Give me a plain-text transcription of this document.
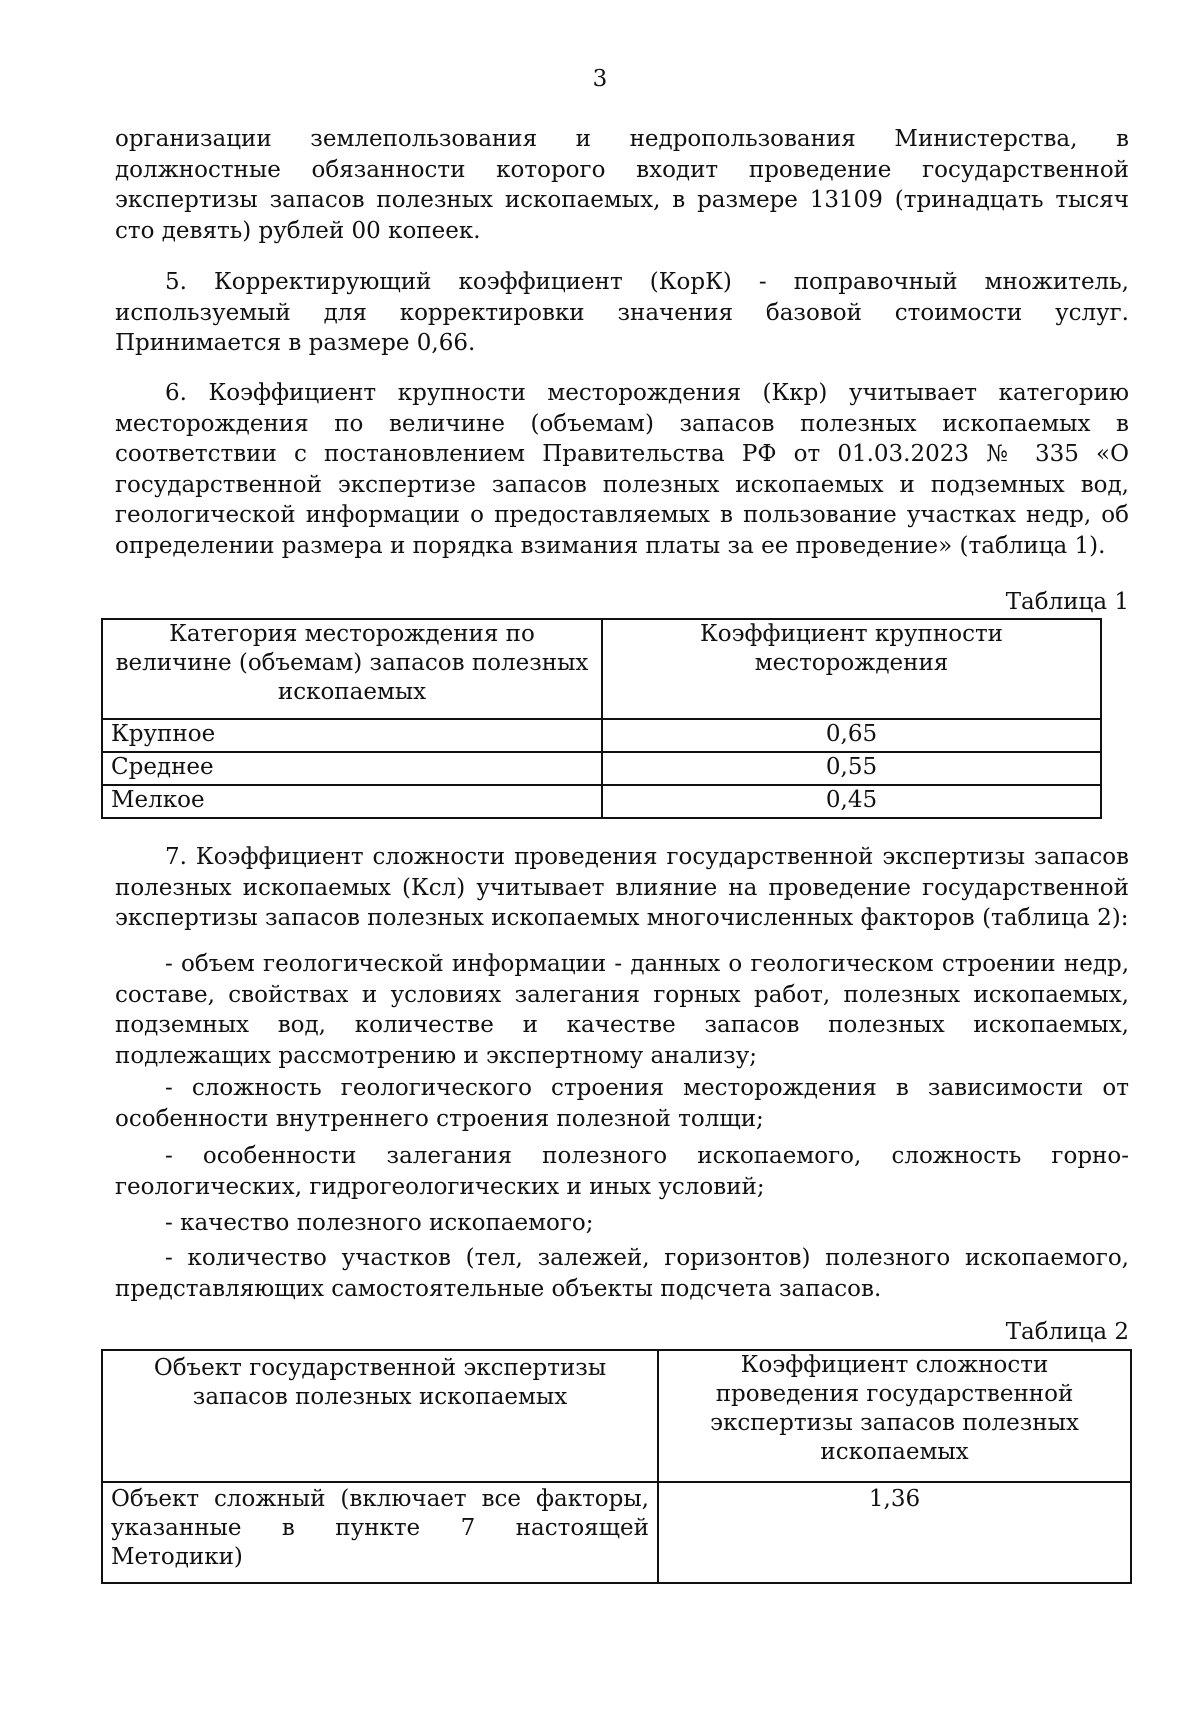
3

организации землепользования и недропользования Министерства, в должностные обязанности которого входит проведение государственной экспертизы запасов полезных ископаемых, в размере 13109 (тринадцать тысяч сто девять) рублей 00 копеек.

5. Корректирующий коэффициент (КорК) - поправочный множитель, используемый для корректировки значения базовой стоимости услуг. Принимается в размере 0,66.

6. Коэффициент крупности месторождения (Ккр) учитывает категорию месторождения по величине (объемам) запасов полезных ископаемых в соответствии с постановлением Правительства РФ от 01.03.2023 № 335 «О государственной экспертизе запасов полезных ископаемых и подземных вод, геологической информации о предоставляемых в пользование участках недр, об определении размера и порядка взимания платы за ее проведение» (таблица 1).

Таблица 1
Категория месторождения по величине (объемам) запасов полезных ископаемых	Коэффициент крупности месторождения
Крупное	0,65
Среднее	0,55
Мелкое	0,45

7. Коэффициент сложности проведения государственной экспертизы запасов полезных ископаемых (Ксл) учитывает влияние на проведение государственной экспертизы запасов полезных ископаемых многочисленных факторов (таблица 2):

- объем геологической информации - данных о геологическом строении недр, составе, свойствах и условиях залегания горных работ, полезных ископаемых, подземных вод, количестве и качестве запасов полезных ископаемых, подлежащих рассмотрению и экспертному анализу;

- сложность геологического строения месторождения в зависимости от особенности внутреннего строения полезной толщи;

- особенности залегания полезного ископаемого, сложность горно-геологических, гидрогеологических и иных условий;

- качество полезного ископаемого;

- количество участков (тел, залежей, горизонтов) полезного ископаемого, представляющих самостоятельные объекты подсчета запасов.

Таблица 2
Объект государственной экспертизы запасов полезных ископаемых	Коэффициент сложности проведения государственной экспертизы запасов полезных ископаемых
Объект сложный (включает все факторы, указанные в пункте 7 настоящей Методики)	1,36
